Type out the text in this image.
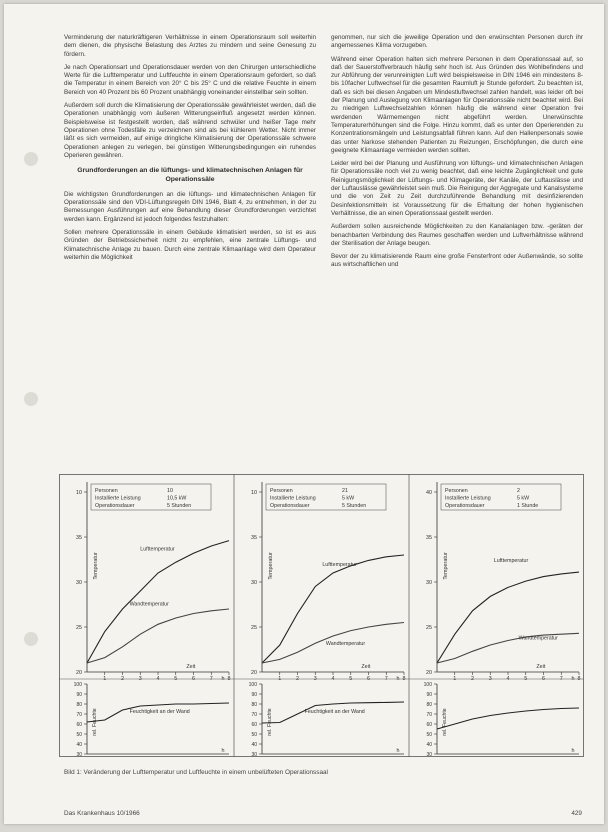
Verminderung der naturkräftigeren Verhältnisse in einem Operationsraum soll weiterhin dem dienen, die physische Belastung des Arztes zu mindern und seine Genesung zu fördern.

Je nach Operationsart und Operationsdauer werden von den Chirurgen unterschiedliche Werte für die Lufttemperatur und Luftfeuchte in einem Operationsraum gefordert, so daß die Temperatur in einem Bereich von 20° C bis 25° C und die relative Feuchte in einem Bereich von 40 Prozent bis 60 Prozent unabhängig voneinander einstellbar sein sollten.

Außerdem soll durch die Klimatisierung der Operationssäle gewährleistet werden, daß die Operationen unabhängig vom äußeren Witterungseinfluß angesetzt werden können. Beispielsweise ist festgestellt worden, daß während schwüler und heißer Tage mehr Operationen ohne Todesfälle zu verzeichnen sind als bei kühlerem Wetter. Nicht immer läßt es sich vermeiden, auf einige dringliche Klimatisierung der Operationssäle schwere Operationen anlegen zu verlegen, bei günstigen Witterungsbedingungen ein ruhendes Operieren gewähren.

Grundforderungen an die lüftungs- und klimatechnischen Anlagen für Operationssäle

Die wichtigsten Grundforderungen an die lüftungs- und klimatechnischen Anlagen für Operationssäle sind den VDI-Lüftungsregeln DIN 1946, Blatt 4, zu entnehmen, in der zu Bemessungen Ausführungen auf eine Behandlung dieser Grundforderungen verzichtet werden kann. Ergänzend ist jedoch folgendes festzuhalten:

Sollen mehrere Operationssäle in einem Gebäude klimatisiert werden, so ist es aus Gründen der Betriebssicherheit nicht zu empfehlen, eine zentrale Lüftungs- und Klimatechnische Anlage zu bauen. Durch eine zentrale Klimaanlage wird dem Operateur weiterhin die Möglichkeit

genommen, nur sich die jeweilige Operation und den erwünschten Personen durch ihr angemessenes Klima vorzugeben.

Während einer Operation halten sich mehrere Personen in dem Operationssaal auf, so daß der Sauerstoffverbrauch häufig sehr hoch ist. Aus Gründen des Wohlbefindens und zur Abführung der verunreinigten Luft wird beispielsweise in DIN 1946 ein mindestens 8- bis 10facher Luftwechsel für die gesamten Raumluft je Stunde gefordert. Zu beachten ist, daß es sich bei diesen Angaben um Mindestluftwechsel zahlen handelt, was leider oft bei der Planung und Auslegung von Klimaanlagen für Operationssäle nicht beachtet wird. Bei zu niedrigen Luftwechselzahlen können häufig die während einer Operation frei werdenden Wärmemengen nicht abgeführt werden. Unerwünschte Temperaturerhöhungen sind die Folge. Hinzu kommt, daß es unter den Operierenden zu Konzentrationsmängeln und Leistungsabfall führen kann. Auf den Hallenpersonals sowie das unter Narkose stehenden Patienten zu Reizungen, Erschöpfungen, die durch eine geeignete Klimaanlage vermieden werden sollten.

Leider wird bei der Planung und Ausführung von lüftungs- und klimatechnischen Anlagen für Operationssäle noch viel zu wenig beachtet, daß eine leichte Zugänglichkeit und gute Reinigungsmöglichkeit der Lüftungs- und Klimageräte, der Kanäle, der Luftauslässe und der Luftauslässe gewährleistet sein muß. Die Reinigung der Aggregate und Kanalsysteme und die von Zeit zu Zeit durchzuführende Behandlung mit desinfizierenden Desinfektionsmitteln ist Voraussetzung für die Erhaltung der hohen hygienischen Verhältnisse, die an einen Operationssaal gestellt werden.

Außerdem sollen ausreichende Möglichkeiten zu den Kanalanlagen bzw. -geräten der benachbarten Verbindung des Raumes geschaffen werden und Luftverhältnisse während der Sterilisation der Anlage beugen.

Bevor der zu klimatisierende Raum eine große Fensterfront oder Außenwände, so sollte aus wirtschaftlichen und

Personen	10
Installierte Leistung	10,5 kW
Operationsdauer	5 Stunden
10
35
30
25
20
Temperatur
Lufttemperatur
Wandtemperatur
1	2	3	4	5	6	7	8
Zeit
h
100
90
80
70
60
50
40
30
rel. Feuchte	Feuchtigkeit an der Wand
h
Personen	21
Installierte Leistung	5 kW
Operationsdauer	5 Stunden
10
35
30
25
20
Temperatur	Lufttemperatur
Wandtemperatur
1	2	3	4	5	6	7	8
Zeit
h
100
90
80
70
60
50
40
30
rel. Feuchte	Feuchtigkeit an der Wand
h
Personen	2
Installierte Leistung	5 kW
Operationsdauer	1 Stunde
40
35
30
25
20
Temperatur	Lufttemperatur
Wandtemperatur
1	2	3	4	5	6	7	8
Zeit
h
100
90
80
70
60
50
40
30
rel. Feuchte
h
Bild 1: Veränderung der Lufttemperatur und Luftfeuchte in einem unbelüfteten Operationssaal
Das Krankenhaus 10/1966	429
